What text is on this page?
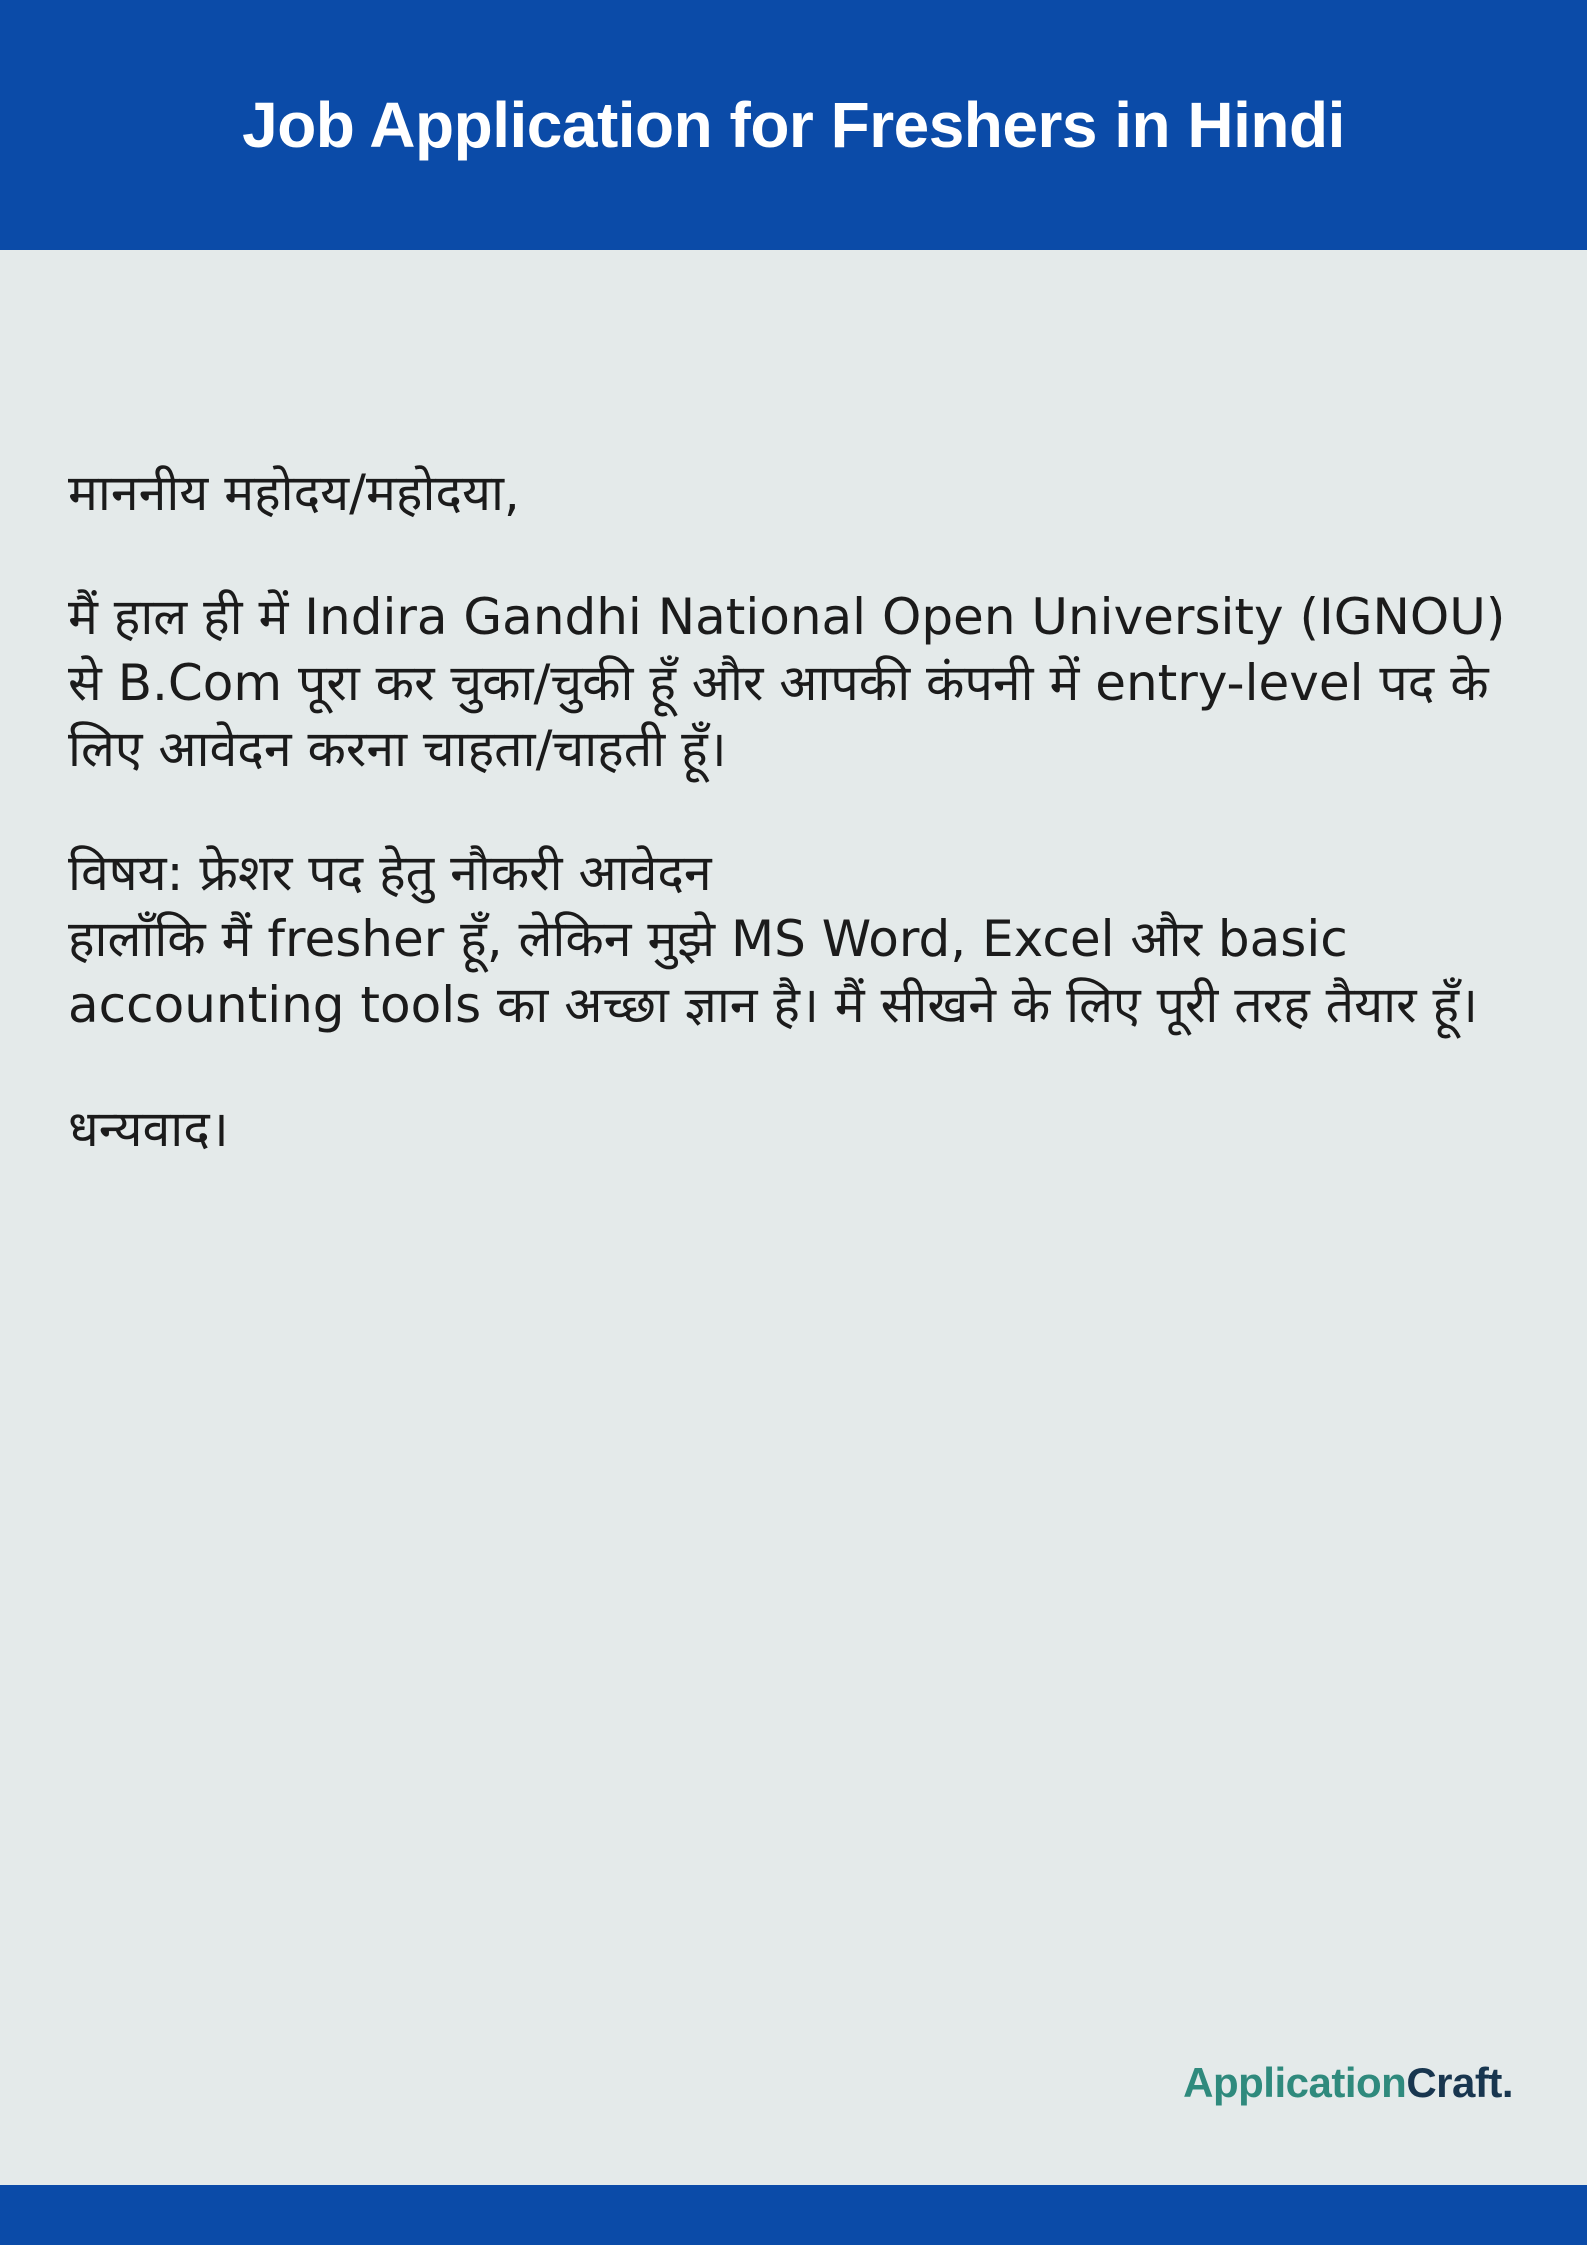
Job Application for Freshers in Hindi

माननीय महोदय/महोदया,

मैं हाल ही में Indira Gandhi National Open University (IGNOU) से B.Com पूरा कर चुका/चुकी हूँ और आपकी कंपनी में entry-level पद के लिए आवेदन करना चाहता/चाहती हूँ।

विषय: फ्रेशर पद हेतु नौकरी आवेदन

हालाँकि मैं fresher हूँ, लेकिन मुझे MS Word, Excel और basic accounting tools का अच्छा ज्ञान है। मैं सीखने के लिए पूरी तरह तैयार हूँ।

धन्यवाद।

ApplicationCraft.
